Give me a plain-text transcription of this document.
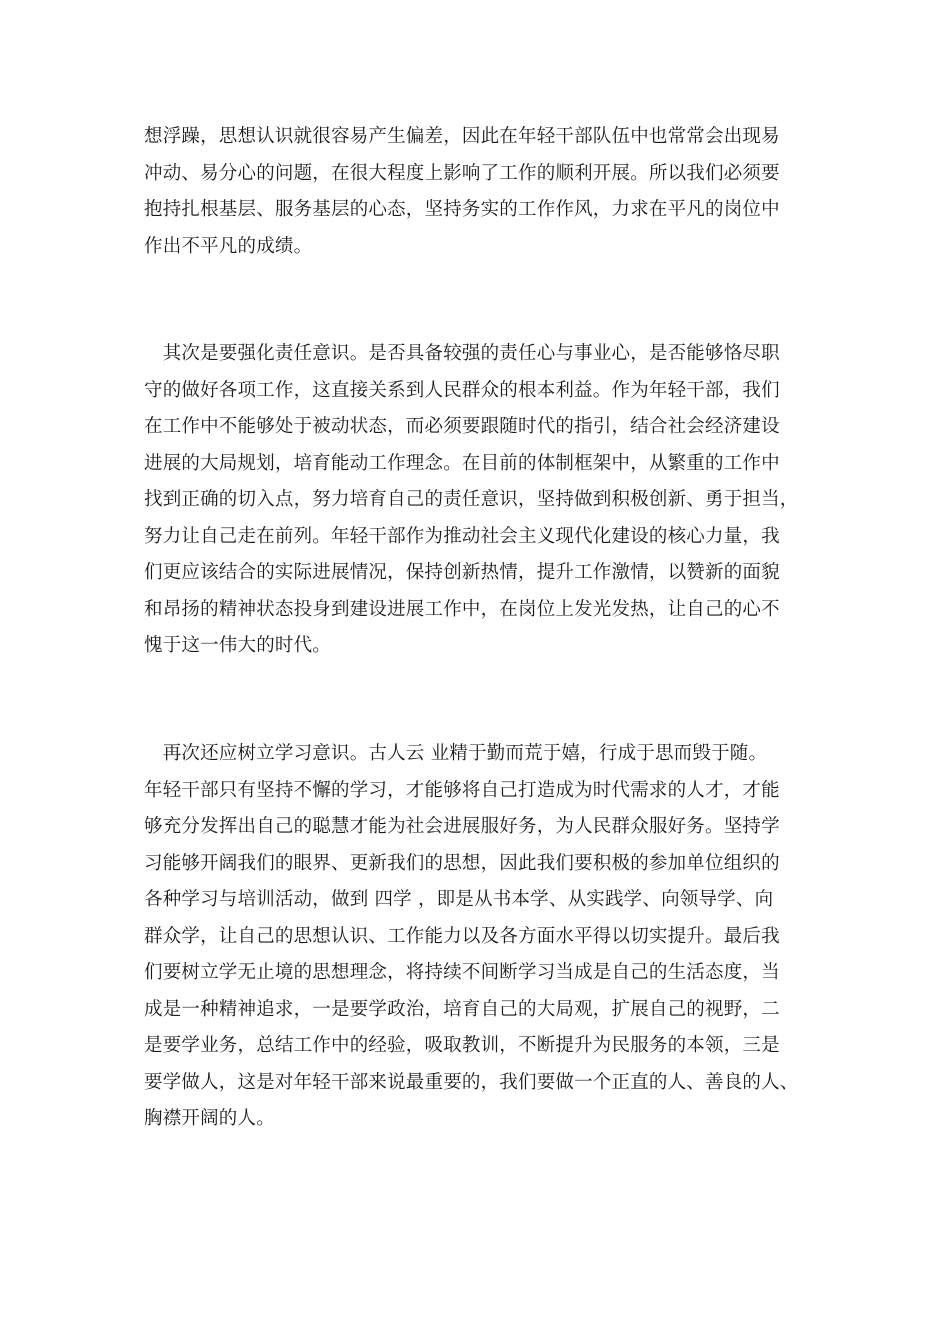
想浮躁，思想认识就很容易产生偏差，因此在年轻干部队伍中也常常会出现易
冲动、易分心的问题，在很大程度上影响了工作的顺利开展。所以我们必须要
抱持扎根基层、服务基层的心态，坚持务实的工作作风，力求在平凡的岗位中
作出不平凡的成绩。
　其次是要强化责任意识。是否具备较强的责任心与事业心，是否能够恪尽职
守的做好各项工作，这直接关系到人民群众的根本利益。作为年轻干部，我们
在工作中不能够处于被动状态，而必须要跟随时代的指引，结合社会经济建设
进展的大局规划，培育能动工作理念。在目前的体制框架中，从繁重的工作中
找到正确的切入点，努力培育自己的责任意识，坚持做到积极创新、勇于担当，
努力让自己走在前列。年轻干部作为推动社会主义现代化建设的核心力量，我
们更应该结合的实际进展情况，保持创新热情，提升工作激情，以赞新的面貌
和昂扬的精神状态投身到建设进展工作中，在岗位上发光发热，让自己的心不
愧于这一伟大的时代。
　再次还应树立学习意识。古人云 业精于勤而荒于嬉，行成于思而毁于随。
年轻干部只有坚持不懈的学习，才能够将自己打造成为时代需求的人才，才能
够充分发挥出自己的聪慧才能为社会进展服好务，为人民群众服好务。坚持学
习能够开阔我们的眼界、更新我们的思想，因此我们要积极的参加单位组织的
各种学习与培训活动，做到 四学 ，即是从书本学、从实践学、向领导学、向
群众学，让自己的思想认识、工作能力以及各方面水平得以切实提升。最后我
们要树立学无止境的思想理念，将持续不间断学习当成是自己的生活态度，当
成是一种精神追求，一是要学政治，培育自己的大局观，扩展自己的视野，二
是要学业务，总结工作中的经验，吸取教训，不断提升为民服务的本领，三是
要学做人，这是对年轻干部来说最重要的，我们要做一个正直的人、善良的人、
胸襟开阔的人。
